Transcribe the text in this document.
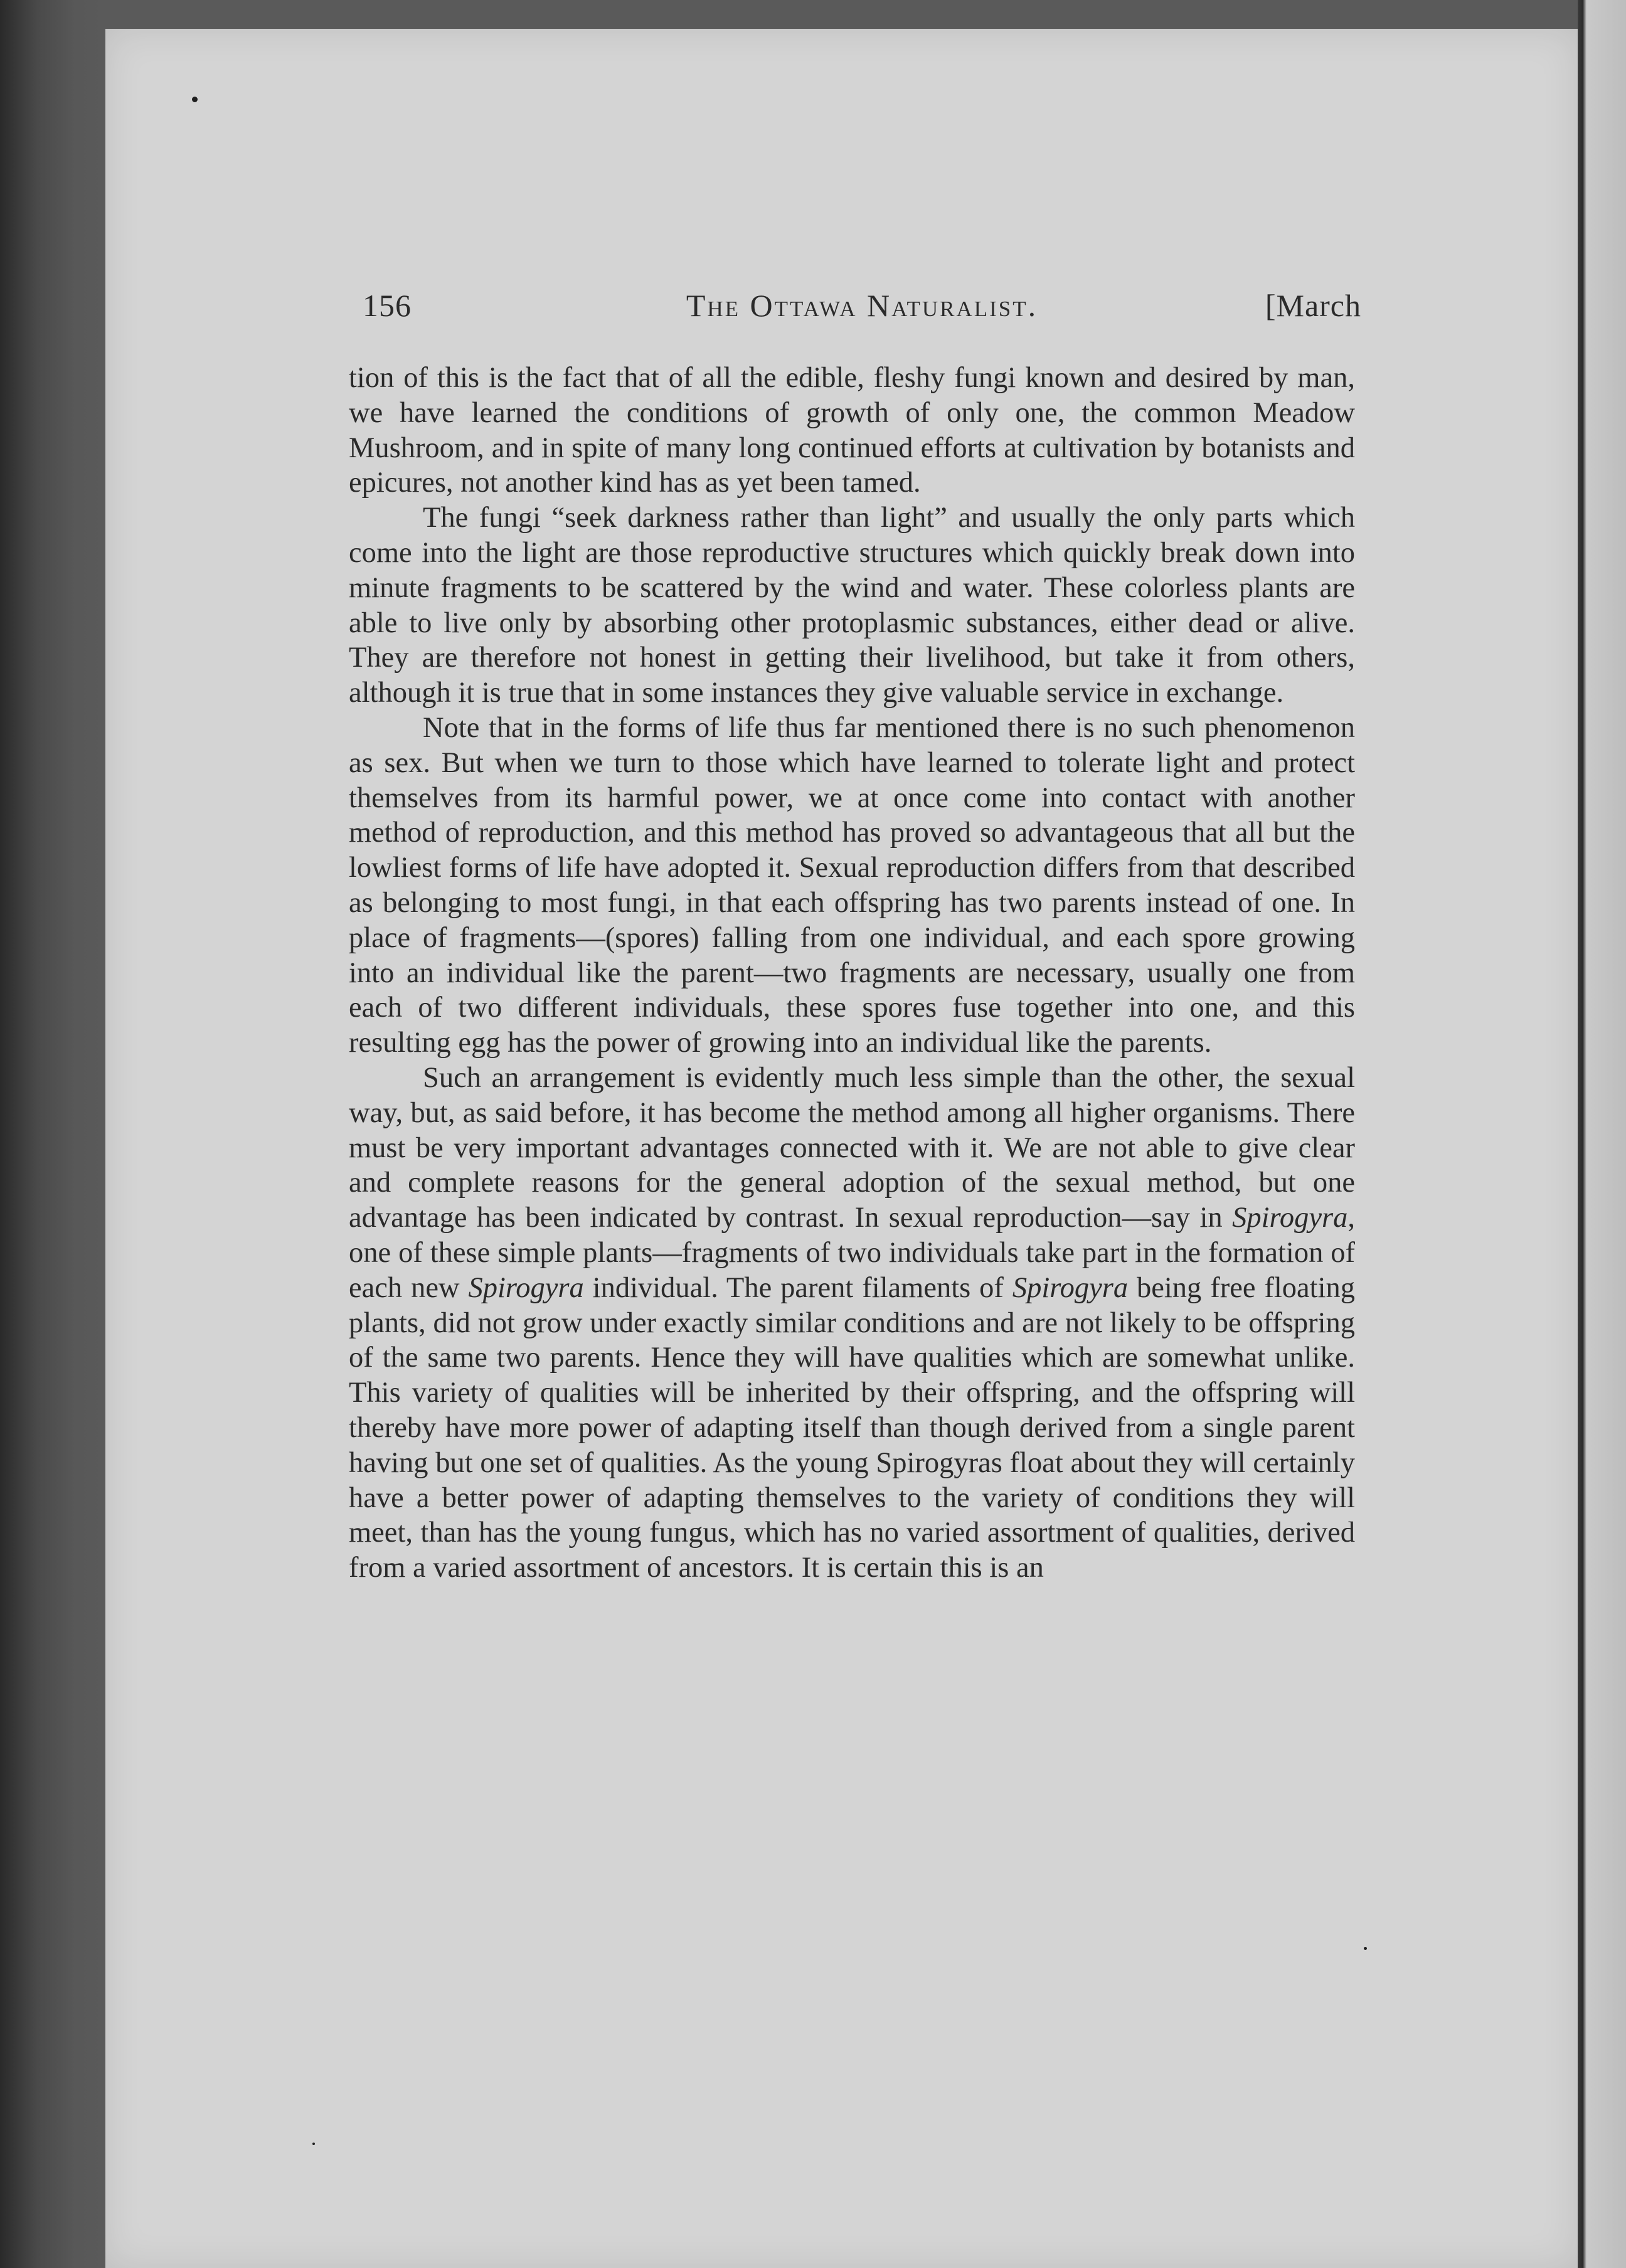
156	The Ottawa Naturalist.	[March

tion of this is the fact that of all the edible, fleshy fungi known and desired by man, we have learned the conditions of growth of only one, the common Meadow Mushroom, and in spite of many long continued efforts at cultivation by botanists and epicures, not another kind has as yet been tamed.

The fungi “seek darkness rather than light” and usually the only parts which come into the light are those reproductive structures which quickly break down into minute fragments to be scattered by the wind and water. These colorless plants are able to live only by absorbing other protoplasmic substances, either dead or alive. They are therefore not honest in getting their livelihood, but take it from others, although it is true that in some instances they give valuable service in exchange.

Note that in the forms of life thus far mentioned there is no such phenomenon as sex. But when we turn to those which have learned to tolerate light and protect themselves from its harmful power, we at once come into contact with another method of reproduction, and this method has proved so advantageous that all but the lowliest forms of life have adopted it. Sexual reproduction differs from that described as belonging to most fungi, in that each offspring has two parents instead of one. In place of fragments—(spores) falling from one individual, and each spore growing into an individual like the parent—two fragments are necessary, usually one from each of two different individuals, these spores fuse together into one, and this resulting egg has the power of growing into an individual like the parents.

Such an arrangement is evidently much less simple than the other, the sexual way, but, as said before, it has become the method among all higher organisms. There must be very important advantages connected with it. We are not able to give clear and complete reasons for the general adoption of the sexual method, but one advantage has been indicated by contrast. In sexual reproduction—say in Spirogyra, one of these simple plants—fragments of two individuals take part in the formation of each new Spirogyra individual. The parent filaments of Spirogyra being free floating plants, did not grow under exactly similar conditions and are not likely to be offspring of the same two parents. Hence they will have qualities which are somewhat unlike. This variety of qualities will be inherited by their offspring, and the offspring will thereby have more power of adapting itself than though derived from a single parent having but one set of qualities. As the young Spirogyras float about they will certainly have a better power of adapting themselves to the variety of conditions they will meet, than has the young fungus, which has no varied assortment of qualities, derived from a varied assortment of ancestors. It is certain this is an
